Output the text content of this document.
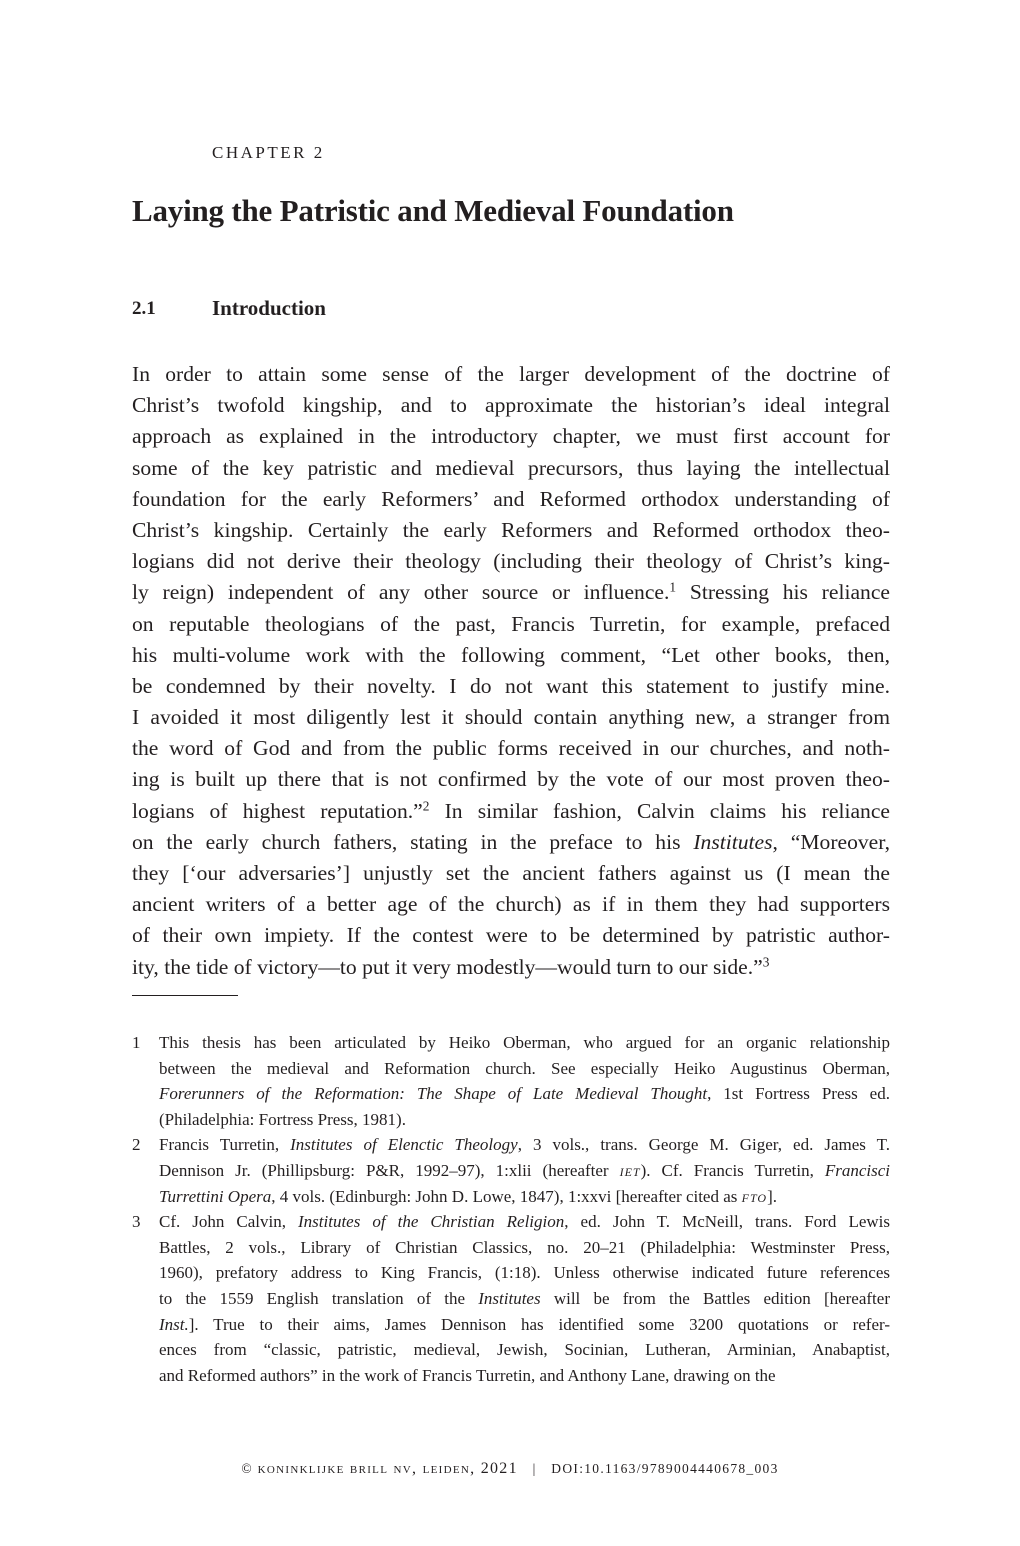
CHAPTER 2
Laying the Patristic and Medieval Foundation
2.1	Introduction
In order to attain some sense of the larger development of the doctrine of
Christ’s twofold kingship, and to approximate the historian’s ideal integral
approach as explained in the introductory chapter, we must first account for
some of the key patristic and medieval precursors, thus laying the intellectual
foundation for the early Reformers’ and Reformed orthodox understanding of
Christ’s kingship. Certainly the early Reformers and Reformed orthodox theo-
logians did not derive their theology (including their theology of Christ’s king-
ly reign) independent of any other source or influence.$^1$ Stressing his reliance
on reputable theologians of the past, Francis Turretin, for example, prefaced
his multi-volume work with the following comment, “Let other books, then,
be condemned by their novelty. I do not want this statement to justify mine.
I avoided it most diligently lest it should contain anything new, a stranger from
the word of God and from the public forms received in our churches, and noth-
ing is built up there that is not confirmed by the vote of our most proven theo-
logians of highest reputation.”$^2$ In similar fashion, Calvin claims his reliance
on the early church fathers, stating in the preface to his Institutes, “Moreover,
they [‘our adversaries’] unjustly set the ancient fathers against us (I mean the
ancient writers of a better age of the church) as if in them they had supporters
of their own impiety. If the contest were to be determined by patristic author-
ity, the tide of victory—to put it very modestly—would turn to our side.”$^3$
1 This thesis has been articulated by Heiko Oberman, who argued for an organic relationship
between the medieval and Reformation church. See especially Heiko Augustinus Oberman,
Forerunners of the Reformation: The Shape of Late Medieval Thought, 1st Fortress Press ed.
(Philadelphia: Fortress Press, 1981).
2 Francis Turretin, Institutes of Elenctic Theology, 3 vols., trans. George M. Giger, ed. James T.
Dennison Jr. (Phillipsburg: P&R, 1992–97), 1:xlii (hereafter iet). Cf. Francis Turretin, Francisci
Turrettini Opera, 4 vols. (Edinburgh: John D. Lowe, 1847), 1:xxvi [hereafter cited as fto].
3 Cf. John Calvin, Institutes of the Christian Religion, ed. John T. McNeill, trans. Ford Lewis
Battles, 2 vols., Library of Christian Classics, no. 20–21 (Philadelphia: Westminster Press,
1960), prefatory address to King Francis, (1:18). Unless otherwise indicated future references
to the 1559 English translation of the Institutes will be from the Battles edition [hereafter
Inst.]. True to their aims, James Dennison has identified some 3200 quotations or refer-
ences from “classic, patristic, medieval, Jewish, Socinian, Lutheran, Arminian, Anabaptist,
and Reformed authors” in the work of Francis Turretin, and Anthony Lane, drawing on the
© koninklijke brill nv, leiden, 2021 | DOI:10.1163/9789004440678_003
